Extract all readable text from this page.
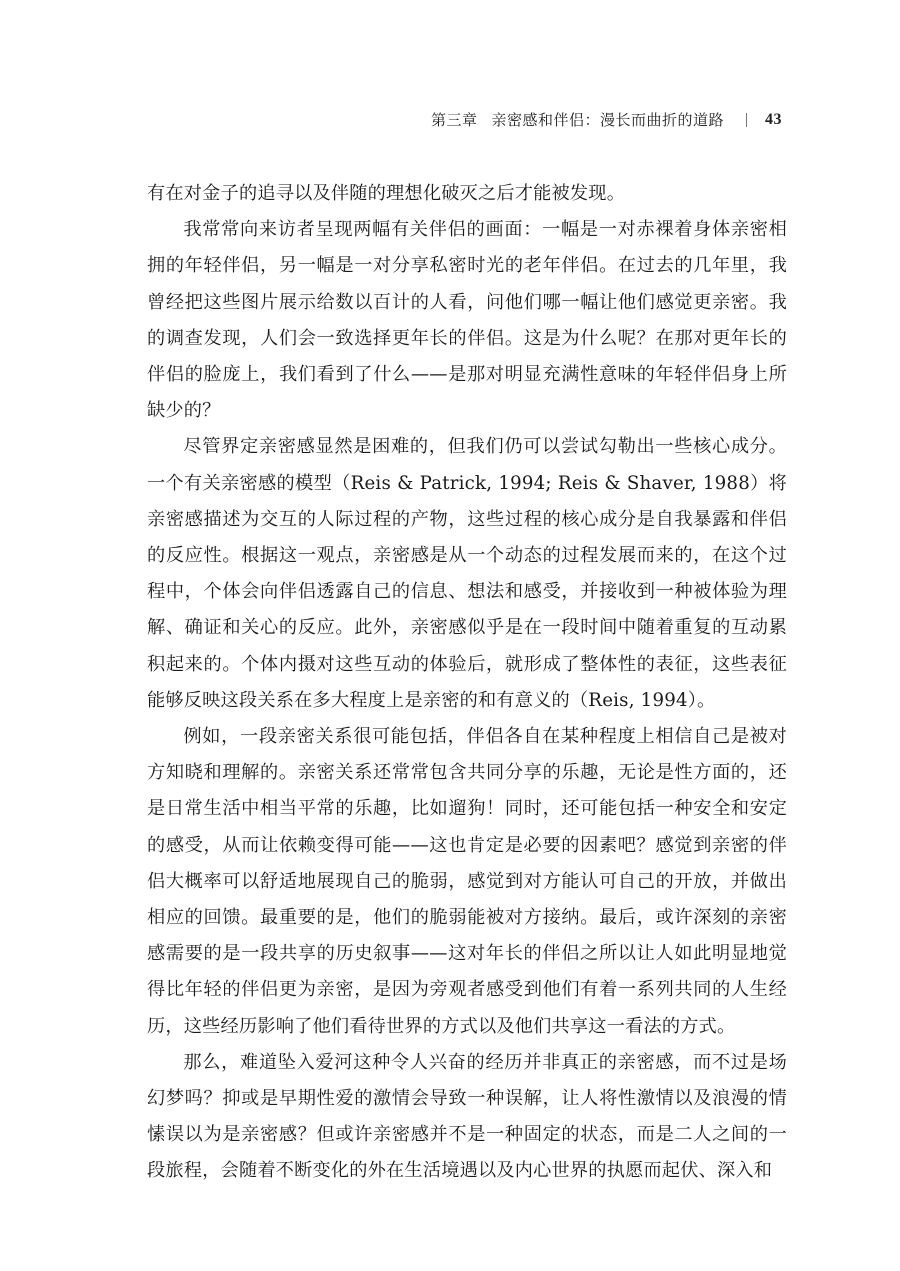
第三章 亲密感和伴侣：漫长而曲折的道路	43

有在对金子的追寻以及伴随的理想化破灭之后才能被发现。

我常常向来访者呈现两幅有关伴侣的画面：一幅是一对赤裸着身体亲密相拥的年轻伴侣，另一幅是一对分享私密时光的老年伴侣。在过去的几年里，我曾经把这些图片展示给数以百计的人看，问他们哪一幅让他们感觉更亲密。我的调查发现，人们会一致选择更年长的伴侣。这是为什么呢？在那对更年长的伴侣的脸庞上，我们看到了什么——是那对明显充满性意味的年轻伴侣身上所缺少的？

尽管界定亲密感显然是困难的，但我们仍可以尝试勾勒出一些核心成分。一个有关亲密感的模型（Reis & Patrick, 1994; Reis & Shaver, 1988）将亲密感描述为交互的人际过程的产物，这些过程的核心成分是自我暴露和伴侣的反应性。根据这一观点，亲密感是从一个动态的过程发展而来的，在这个过程中，个体会向伴侣透露自己的信息、想法和感受，并接收到一种被体验为理解、确证和关心的反应。此外，亲密感似乎是在一段时间中随着重复的互动累积起来的。个体内摄对这些互动的体验后，就形成了整体性的表征，这些表征能够反映这段关系在多大程度上是亲密的和有意义的（Reis, 1994）。

例如，一段亲密关系很可能包括，伴侣各自在某种程度上相信自己是被对方知晓和理解的。亲密关系还常常包含共同分享的乐趣，无论是性方面的，还是日常生活中相当平常的乐趣，比如遛狗！同时，还可能包括一种安全和安定的感受，从而让依赖变得可能——这也肯定是必要的因素吧？感觉到亲密的伴侣大概率可以舒适地展现自己的脆弱，感觉到对方能认可自己的开放，并做出相应的回馈。最重要的是，他们的脆弱能被对方接纳。最后，或许深刻的亲密感需要的是一段共享的历史叙事——这对年长的伴侣之所以让人如此明显地觉得比年轻的伴侣更为亲密，是因为旁观者感受到他们有着一系列共同的人生经历，这些经历影响了他们看待世界的方式以及他们共享这一看法的方式。

那么，难道坠入爱河这种令人兴奋的经历并非真正的亲密感，而不过是场幻梦吗？抑或是早期性爱的激情会导致一种误解，让人将性激情以及浪漫的情愫误以为是亲密感？但或许亲密感并不是一种固定的状态，而是二人之间的一段旅程，会随着不断变化的外在生活境遇以及内心世界的执愿而起伏、深入和
